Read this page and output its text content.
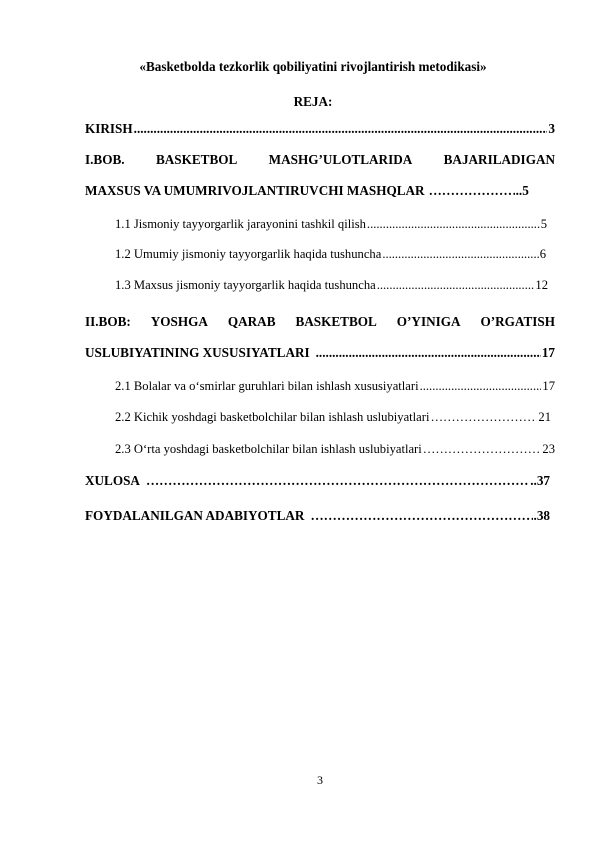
«Basketbolda tezkorlik qobiliyatini rivojlantirish metodikasi»
REJA:
KIRISH .....	3
I.BOB. BASKETBOL MASHG’ULOTLARIDA BAJARILADIGAN
MAXSUS VA UMUMRIVOJLANTIRUVCHI MASHQLAR ……………………………………………………………………………………………………………………………………………………………………………………	..5
1.1 Jismoniy tayyorgarlik jarayonini tashkil qilish .....	5
1.2 Umumiy jismoniy tayyorgarlik haqida tushuncha .....	6
1.3 Maxsus jismoniy tayyorgarlik haqida tushuncha .....	12
II.BOB: YOSHGA QARAB BASKETBOL O’YINIGA O’RGATISH
USLUBIYATINING XUSUSIYATLARI .....	17
2.1 Bolalar va o‘smirlar guruhlari bilan ishlash xususiyatlari .....	17
2.2 Kichik yoshdagi basketbolchilar bilan ishlash uslubiyatlari ……………………………………………………………………………………………………………………………………………………………………………………	21
2.3 O‘rta yoshdagi basketbolchilar bilan ishlash uslubiyatlari ……………………………………………………………………………………………………………………………………………………………………………………	23
XULOSA ……………………………………………………………………………………………………………………………………………………………………………………	..37
FOYDALANILGAN ADABIYOTLAR ……………………………………………………………………………………………………………………………………………………………………………………	.38
3
